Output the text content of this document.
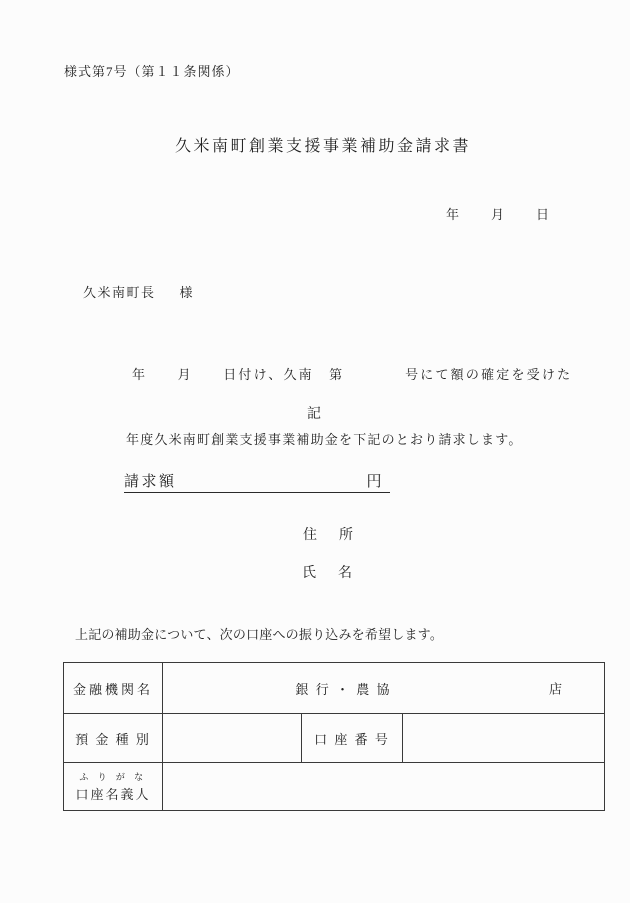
様式第7号（第１１条関係）
久米南町創業支援事業補助金請求書
年　　月　　日

久米南町長 様

年　　月　　日付け、久南　第　　　　号にて額の確定を受けた

年度久米南町創業支援事業補助金を下記のとおり請求します。

記
請求額	円
住　所
氏　名
上記の補助金について、次の口座への振り込みを希望します。
金融機関名	銀 行 ・ 農 協 店		

預 金 種 別		口 座 番 号	

ふ り が な
口座名義人			
